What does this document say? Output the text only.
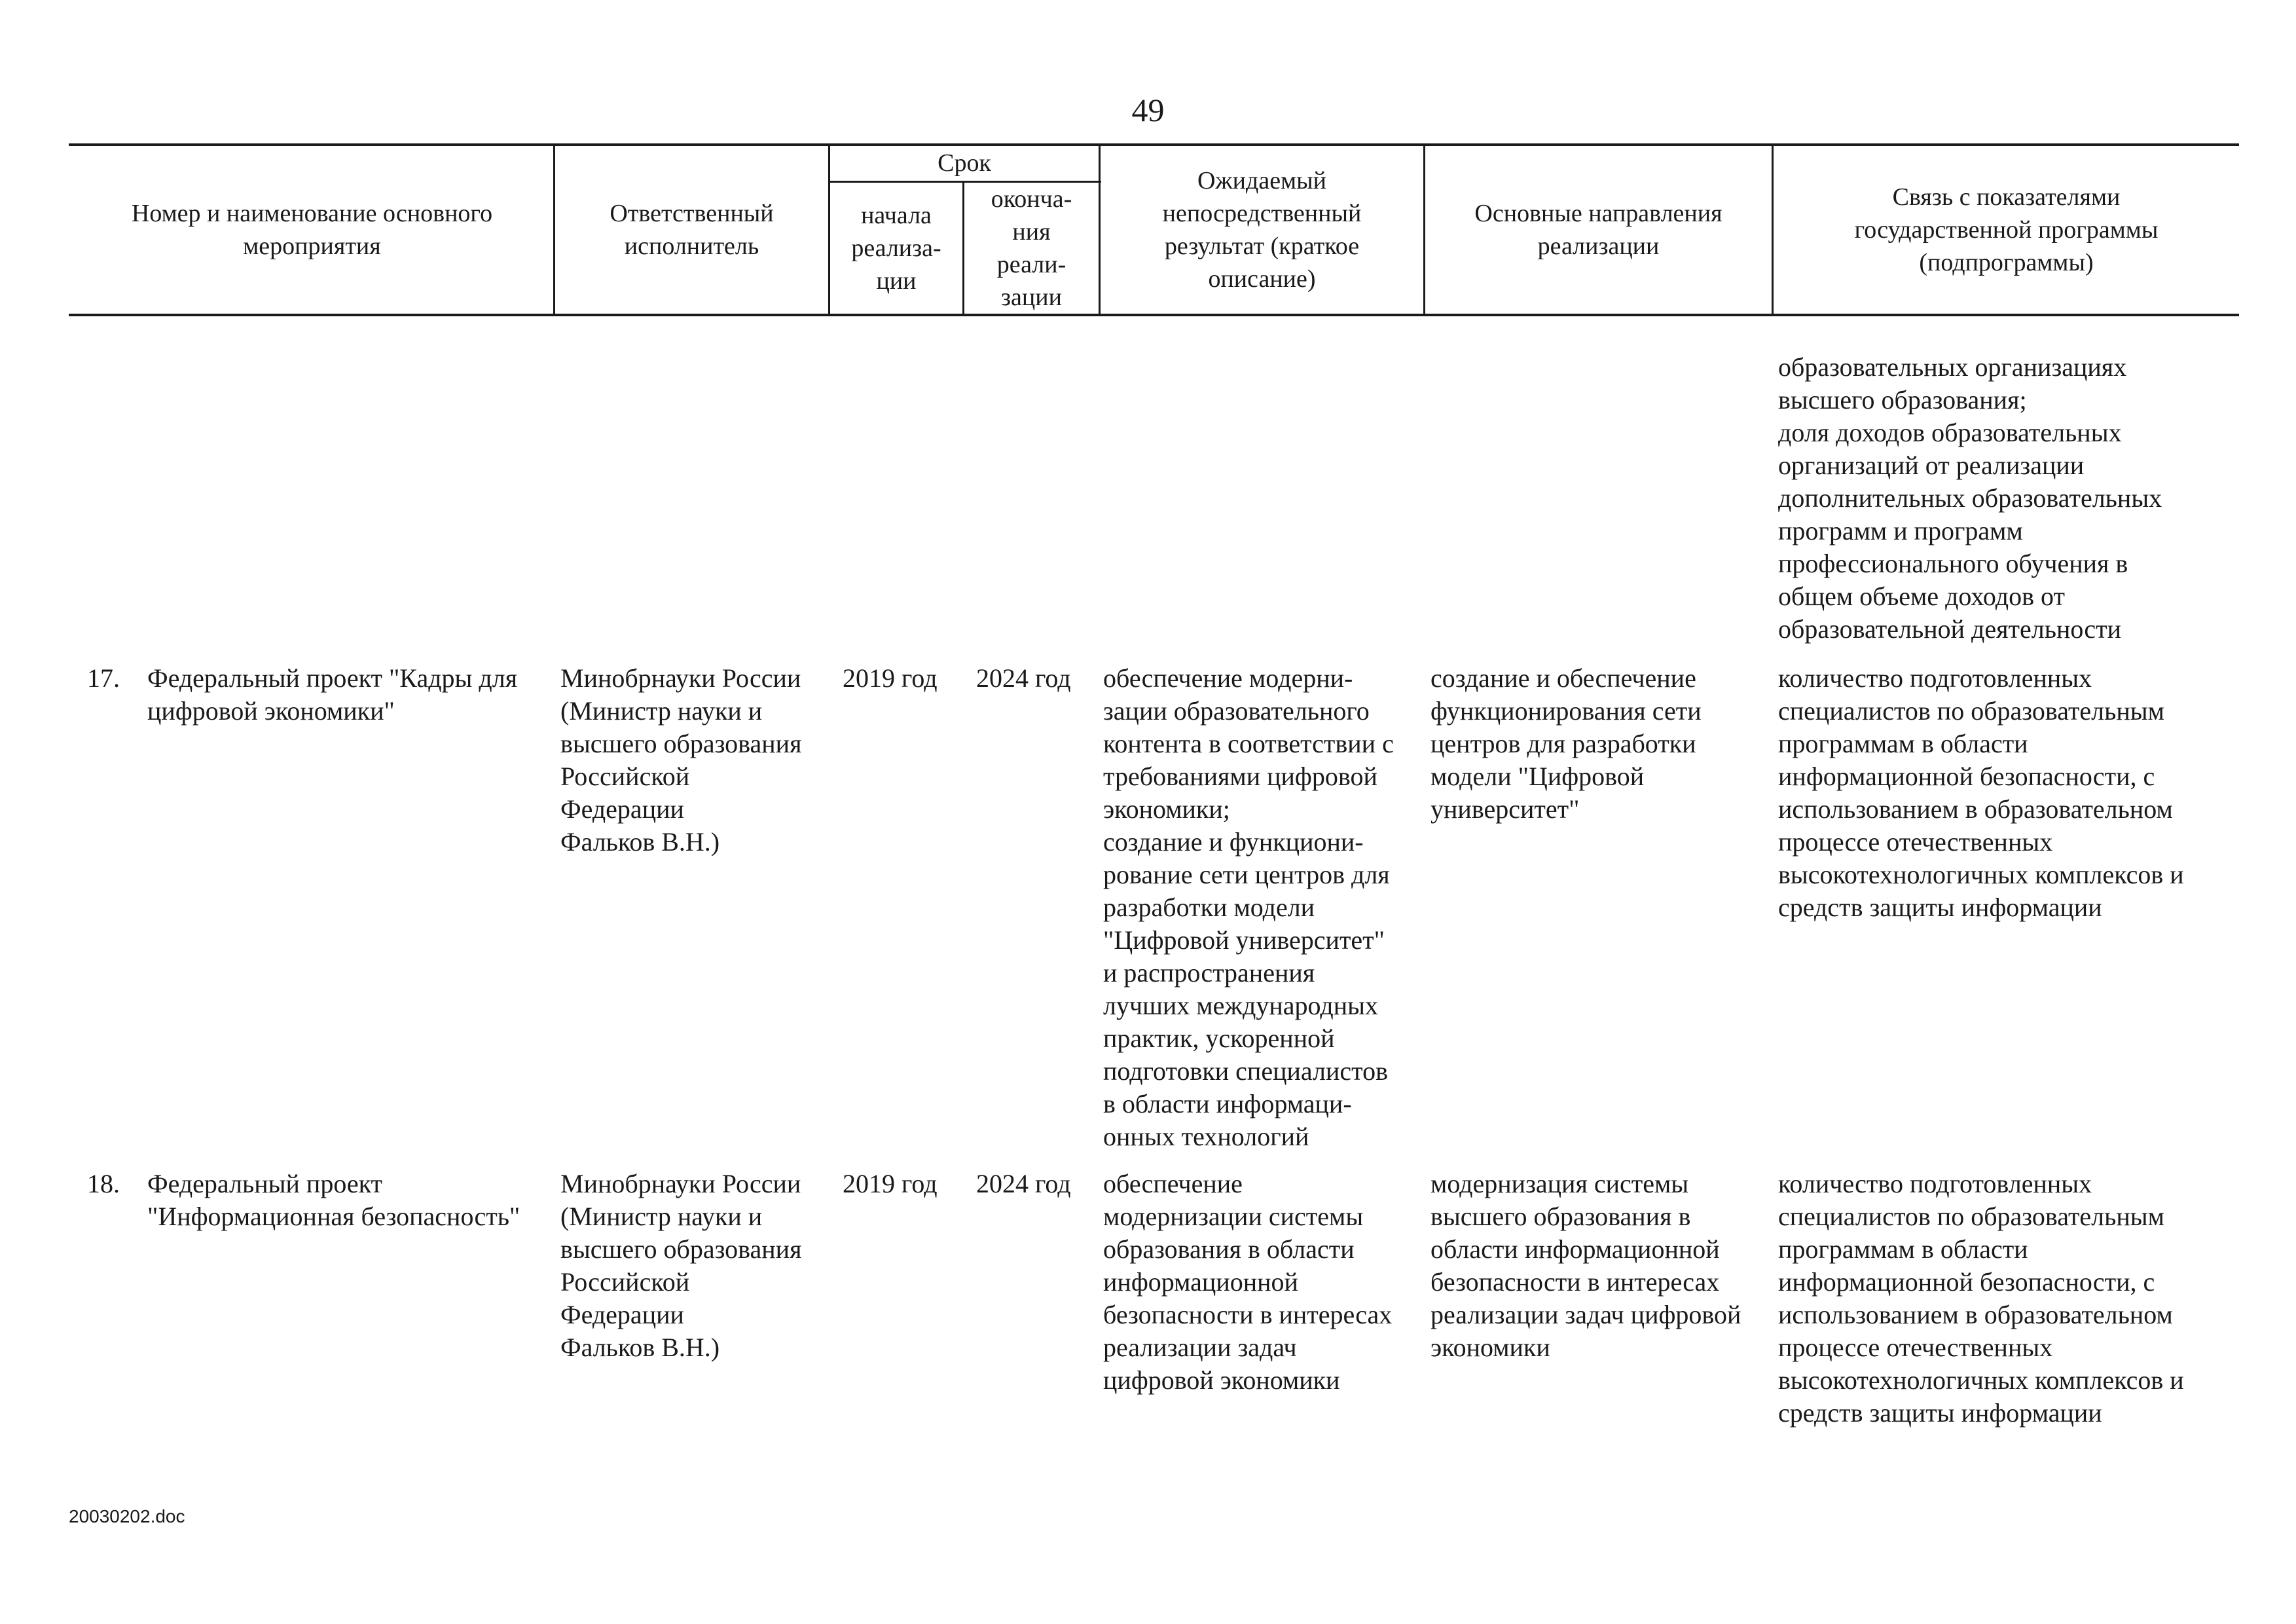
49
Номер и наименование основного
мероприятия
Ответственный
исполнитель
Срок
начала
реализа-
ции
оконча-
ния
реали-
зации
Ожидаемый
непосредственный
результат (краткое
описание)
Основные направления
реализации
Связь с показателями
государственной программы
(подпрограммы)
образовательных организациях
высшего образования;
доля доходов образовательных
организаций от реализации
дополнительных образовательных
программ и программ
профессионального обучения в
общем объеме доходов от
образовательной деятельности
17. Федеральный проект "Кадры для
цифровой экономики"
Минобрнауки России
(Министр науки и
высшего образования
Российской
Федерации
Фальков В.Н.)
2019 год 2024 год обеспечение модерни-
зации образовательного
контента в соответствии с
требованиями цифровой
экономики;
создание и функциони-
рование сети центров для
разработки модели
"Цифровой университет"
и распространения
лучших международных
практик, ускоренной
подготовки специалистов
в области информаци-
онных технологий
создание и обеспечение
функционирования сети
центров для разработки
модели "Цифровой
университет"
количество подготовленных
специалистов по образовательным
программам в области
информационной безопасности, с
использованием в образовательном
процессе отечественных
высокотехнологичных комплексов и
средств защиты информации
18. Федеральный проект
"Информационная безопасность"
Минобрнауки России
(Министр науки и
высшего образования
Российской
Федерации
Фальков В.Н.)
2019 год 2024 год обеспечение
модернизации системы
образования в области
информационной
безопасности в интересах
реализации задач
цифровой экономики
модернизация системы
высшего образования в
области информационной
безопасности в интересах
реализации задач цифровой
экономики
количество подготовленных
специалистов по образовательным
программам в области
информационной безопасности, с
использованием в образовательном
процессе отечественных
высокотехнологичных комплексов и
средств защиты информации
20030202.doc
